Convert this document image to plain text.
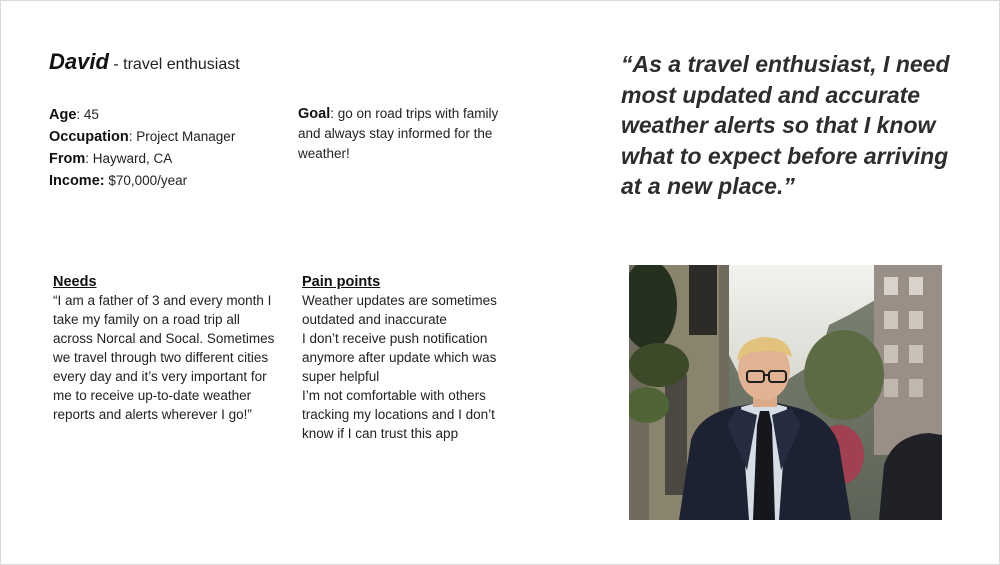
David - travel enthusiast
Age: 45
Occupation: Project Manager
From: Hayward, CA
Income: $70,000/year
Goal: go on road trips with family and always stay informed for the weather!
“As a travel enthusiast, I need most updated and accurate weather alerts so that I know what to expect before arriving at a new place.”
Needs
“I am a father of 3 and every month I take my family on a road trip all across Norcal and Socal. Sometimes we travel through two different cities every day and it’s very important for me to receive up-to-date weather reports and alerts wherever I go!”
Pain points
Weather updates are sometimes outdated and inaccurate
I don’t receive push notification anymore after update which was super helpful
I’m not comfortable with others tracking my locations and I don’t know if I can trust this app
